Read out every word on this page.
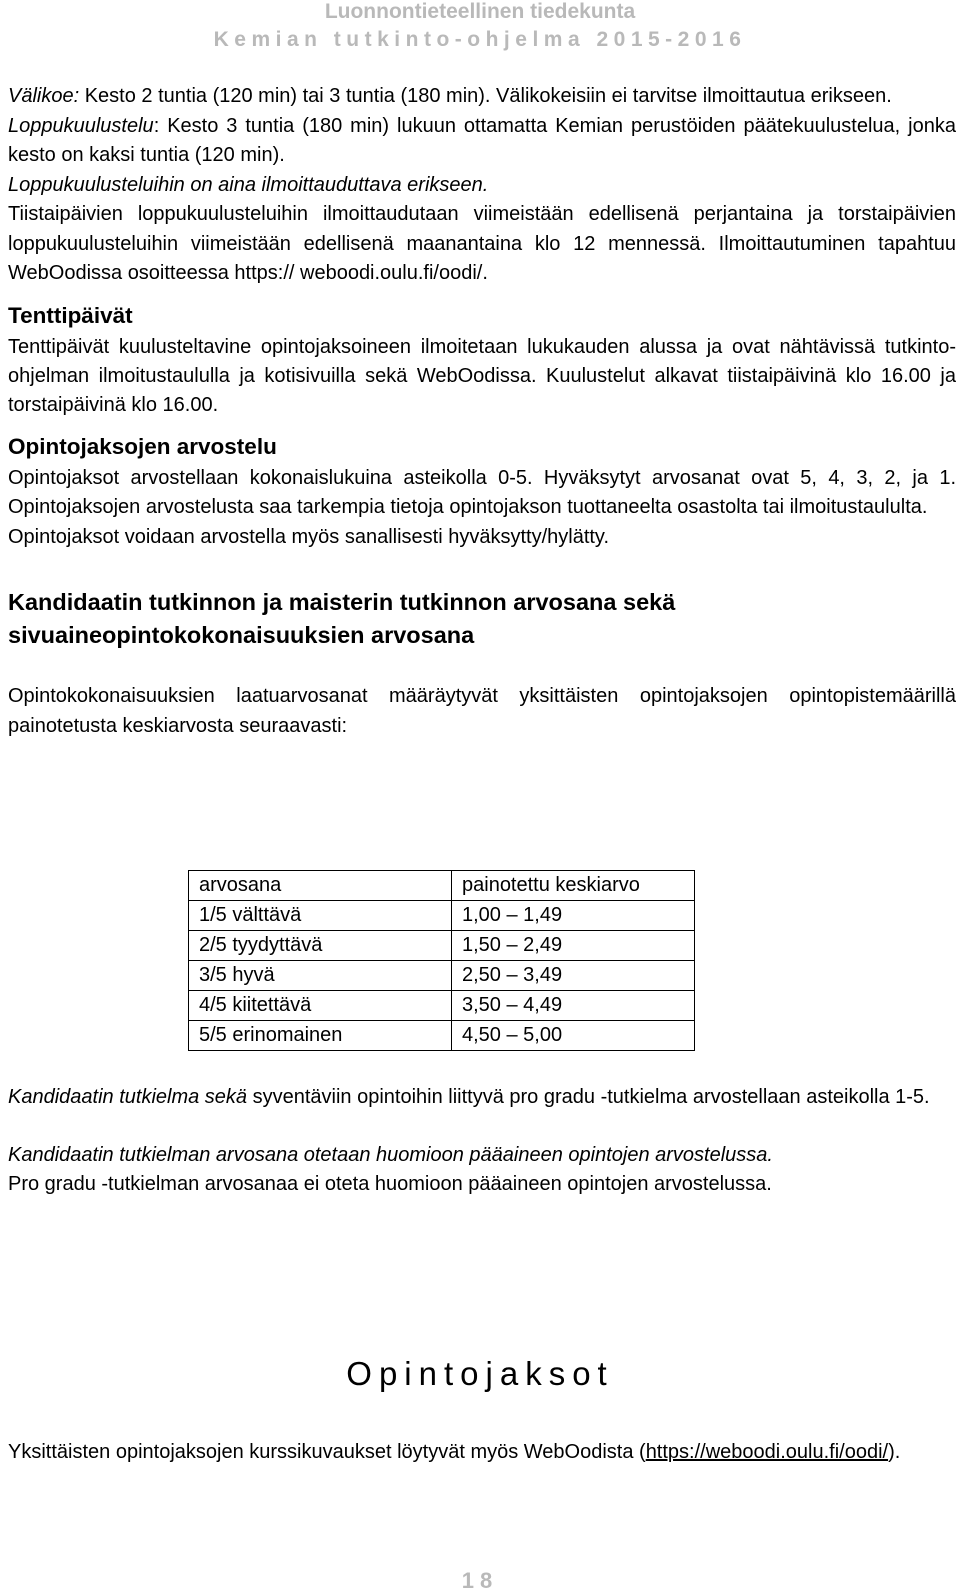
Luonnontieteellinen tiedekunta
Kemian tutkinto-ohjelma 2015-2016

Välikoe: Kesto 2 tuntia (120 min) tai 3 tuntia (180 min). Välikokeisiin ei tarvitse ilmoittautua erikseen.

Loppukuulustelu: Kesto 3 tuntia (180 min) lukuun ottamatta Kemian perustöiden päätekuulustelua, jonka kesto on kaksi tuntia (120 min).

Loppukuulusteluihin on aina ilmoittauduttava erikseen.

Tiistaipäivien loppukuulusteluihin ilmoittaudutaan viimeistään edellisenä perjantaina ja torstaipäivien loppukuulusteluihin viimeistään edellisenä maanantaina klo 12 mennessä. Ilmoittautuminen tapahtuu WebOodissa osoitteessa https:// weboodi.oulu.fi/oodi/.

Tenttipäivät

Tenttipäivät kuulusteltavine opintojaksoineen ilmoitetaan lukukauden alussa ja ovat nähtävissä tutkinto-ohjelman ilmoitustaululla ja kotisivuilla sekä WebOodissa. Kuulustelut alkavat tiistaipäivinä klo 16.00 ja torstaipäivinä klo 16.00.

Opintojaksojen arvostelu

Opintojaksot arvostellaan kokonaislukuina asteikolla 0-5. Hyväksytyt arvosanat ovat 5, 4, 3, 2, ja 1. Opintojaksojen arvostelusta saa tarkempia tietoja opintojakson tuottaneelta osastolta tai ilmoitustaululta.

Opintojaksot voidaan arvostella myös sanallisesti hyväksytty/hylätty.

Kandidaatin tutkinnon ja maisterin tutkinnon arvosana sekä sivuaineopintokokonaisuuksien arvosana

Opintokokonaisuuksien laatuarvosanat määräytyvät yksittäisten opintojaksojen opintopistemäärillä painotetusta keskiarvosta seuraavasti:

arvosana	painotettu keskiarvo
1/5 välttävä	1,00 – 1,49
2/5 tyydyttävä	1,50 – 2,49
3/5 hyvä	2,50 – 3,49
4/5 kiitettävä	3,50 – 4,49
5/5 erinomainen	4,50 – 5,00

Kandidaatin tutkielma sekä syventäviin opintoihin liittyvä pro gradu -tutkielma arvostellaan asteikolla 1-5.

Kandidaatin tutkielman arvosana otetaan huomioon pääaineen opintojen arvostelussa.

Pro gradu -tutkielman arvosanaa ei oteta huomioon pääaineen opintojen arvostelussa.

Opintojaksot

Yksittäisten opintojaksojen kurssikuvaukset löytyvät myös WebOodista (https://weboodi.oulu.fi/oodi/).

18
